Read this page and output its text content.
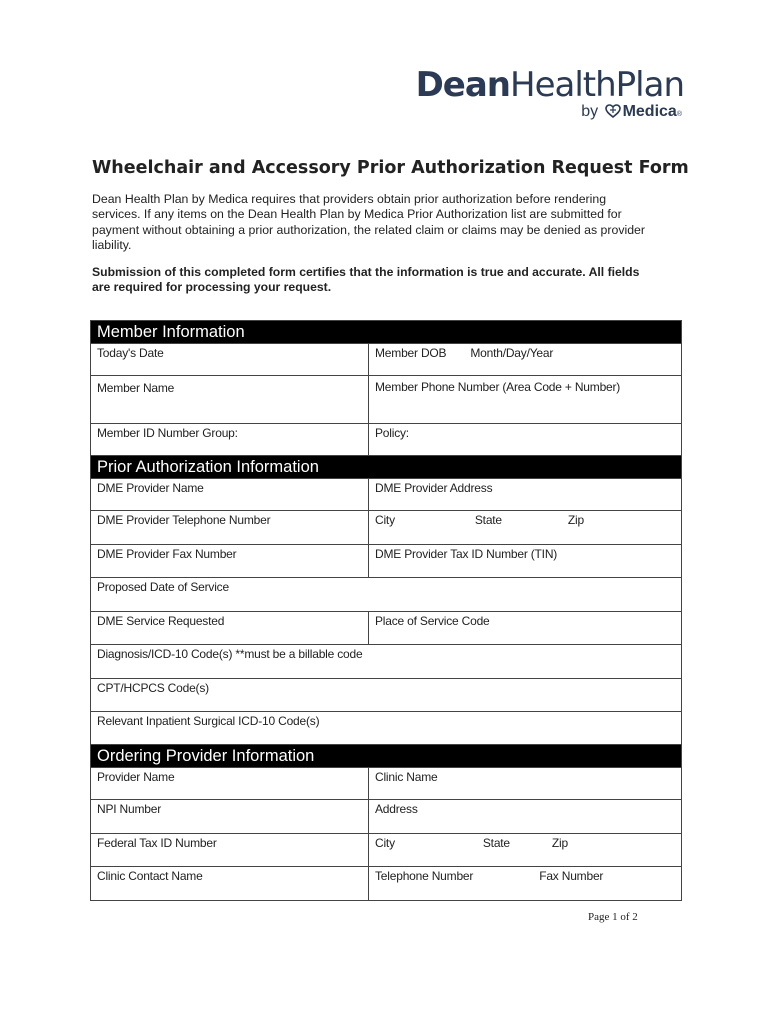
DeanHealthPlan
by Medica®
Wheelchair and Accessory Prior Authorization Request Form
Dean Health Plan by Medica requires that providers obtain prior authorization before rendering services. If any items on the Dean Health Plan by Medica Prior Authorization list are submitted for payment without obtaining a prior authorization, the related claim or claims may be denied as provider liability.
Submission of this completed form certifies that the information is true and accurate. All fields are required for processing your request.
Member Information	

Today's Date	Member DOB Month/Day/Year

Member Name	Member Phone Number (Area Code + Number)

Member ID Number Group:	Policy:

Prior Authorization Information	

DME Provider Name	DME Provider Address

DME Provider Telephone Number	City State Zip

DME Provider Fax Number	DME Provider Tax ID Number (TIN)

Proposed Date of Service	

DME Service Requested	Place of Service Code

Diagnosis/ICD-10 Code(s) **must be a billable code	

CPT/HCPCS Code(s)	

Relevant Inpatient Surgical ICD-10 Code(s)	

Ordering Provider Information	

Provider Name	Clinic Name

NPI Number	Address

Federal Tax ID Number	City State Zip

Clinic Contact Name	Telephone Number Fax Number
Page 1 of 2
